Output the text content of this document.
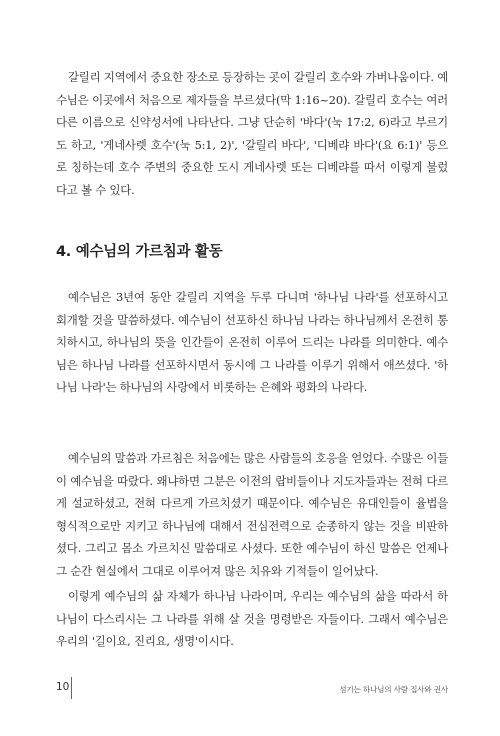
갈릴리 지역에서 중요한 장소로 등장하는 곳이 갈릴리 호수와 가버나움이다. 예수님은 이곳에서 처음으로 제자들을 부르셨다(막 1:16~20). 갈릴리 호수는 여러 다른 이름으로 신약성서에 나타난다. 그냥 단순히 '바다'(눅 17:2, 6)라고 부르기도 하고, '게네사렛 호수'(눅 5:1, 2)', '갈릴리 바다', '디베랴 바다'(요 6:1)' 등으로 칭하는데 호수 주변의 중요한 도시 게네사렛 또는 디베랴를 따서 이렇게 불렀다고 볼 수 있다.

4. 예수님의 가르침과 활동

예수님은 3년여 동안 갈릴리 지역을 두루 다니며 '하나님 나라'를 선포하시고 회개할 것을 말씀하셨다. 예수님이 선포하신 하나님 나라는 하나님께서 온전히 통치하시고, 하나님의 뜻을 인간들이 온전히 이루어 드리는 나라를 의미한다. 예수님은 하나님 나라를 선포하시면서 동시에 그 나라를 이루기 위해서 애쓰셨다. '하나님 나라'는 하나님의 사랑에서 비롯하는 은혜와 평화의 나라다.

예수님의 말씀과 가르침은 처음에는 많은 사람들의 호응을 얻었다. 수많은 이들이 예수님을 따랐다. 왜냐하면 그분은 이전의 랍비들이나 지도자들과는 전혀 다르게 설교하셨고, 전혀 다르게 가르치셨기 때문이다. 예수님은 유대인들이 율법을 형식적으로만 지키고 하나님에 대해서 전심전력으로 순종하지 않는 것을 비판하셨다. 그리고 몸소 가르치신 말씀대로 사셨다. 또한 예수님이 하신 말씀은 언제나 그 순간 현실에서 그대로 이루어져 많은 치유와 기적들이 일어났다.

이렇게 예수님의 삶 자체가 하나님 나라이며, 우리는 예수님의 삶을 따라서 하나님이 다스리시는 그 나라를 위해 살 것을 명령받은 자들이다. 그래서 예수님은 우리의 '길이요, 진리요, 생명'이시다.

10	섬기는 하나님의 사람 집사와 권사
